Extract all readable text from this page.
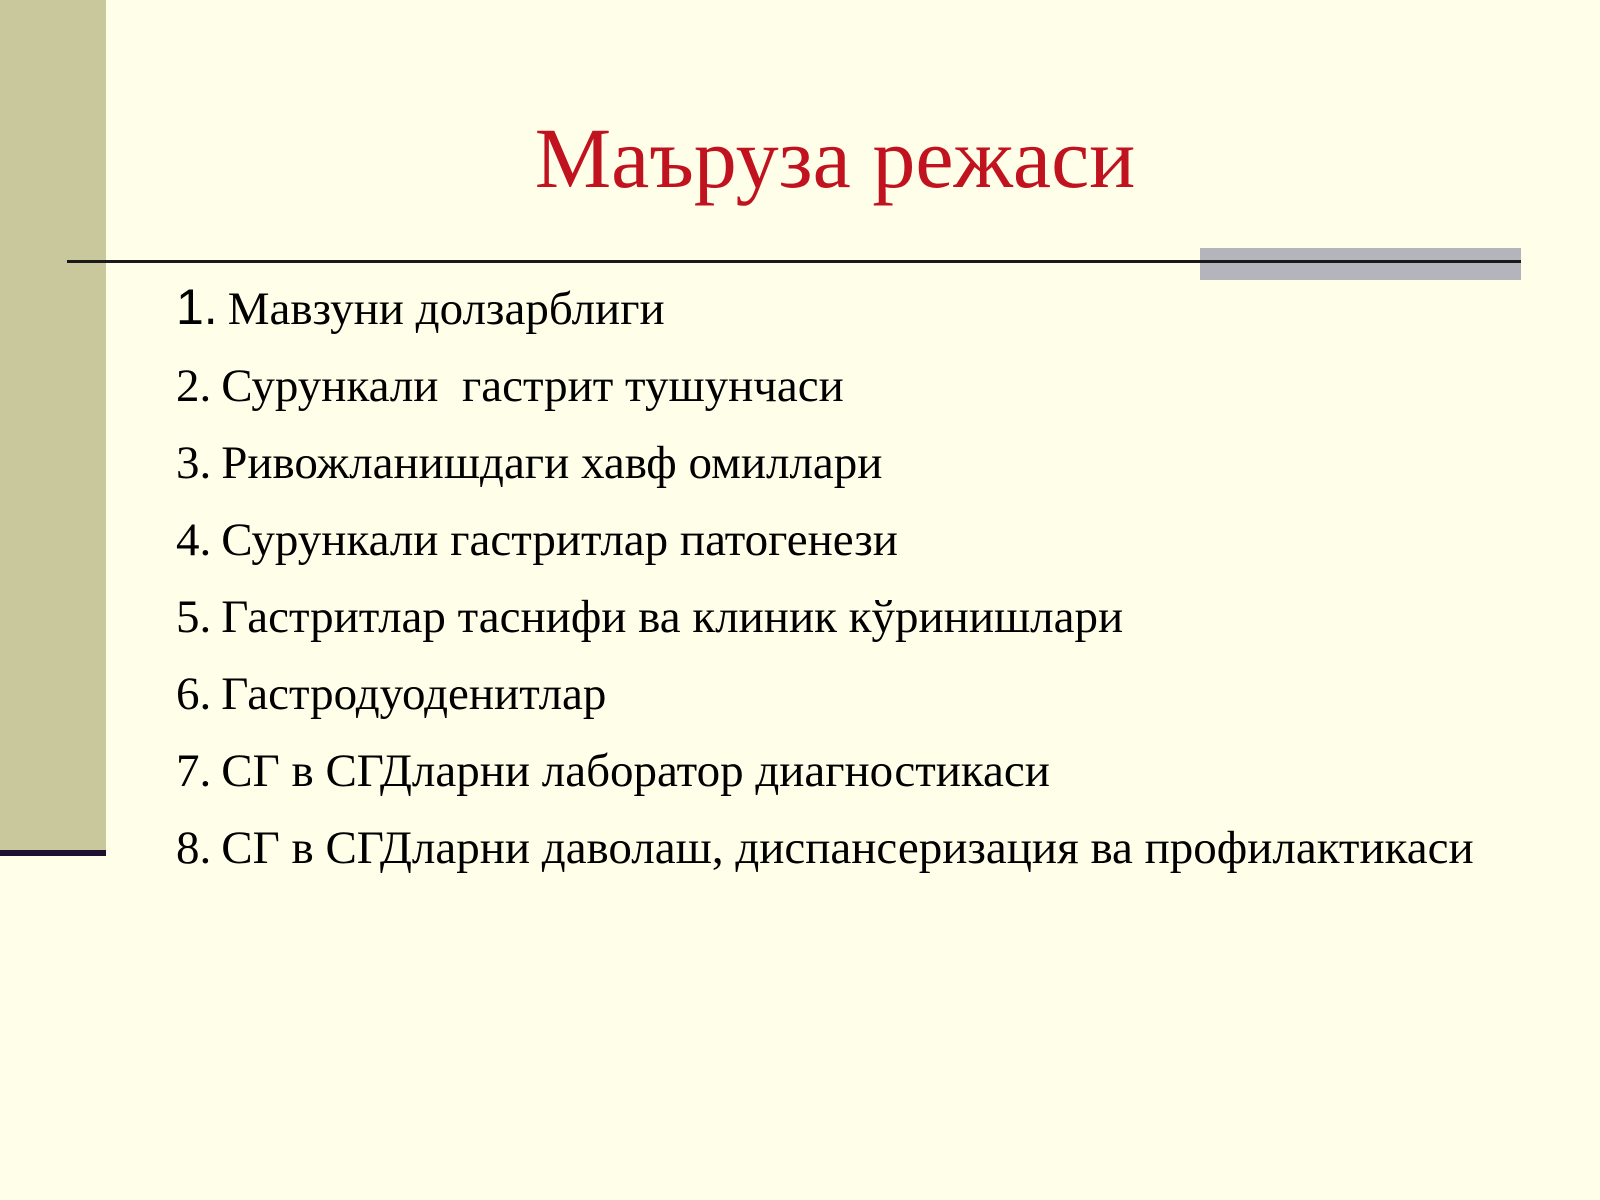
Маъруза режаси
1. Мавзуни долзарблиги
2. Сурункали  гастрит тушунчаси
3. Ривожланишдаги хавф омиллари
4. Сурункали гастритлар патогенези
5. Гастритлар таснифи ва клиник кўринишлари
6. Гастродуоденитлар
7. СГ в СГДларни лаборатор диагностикаси
8. СГ в СГДларни даволаш, диспансеризация ва профилактикаси
